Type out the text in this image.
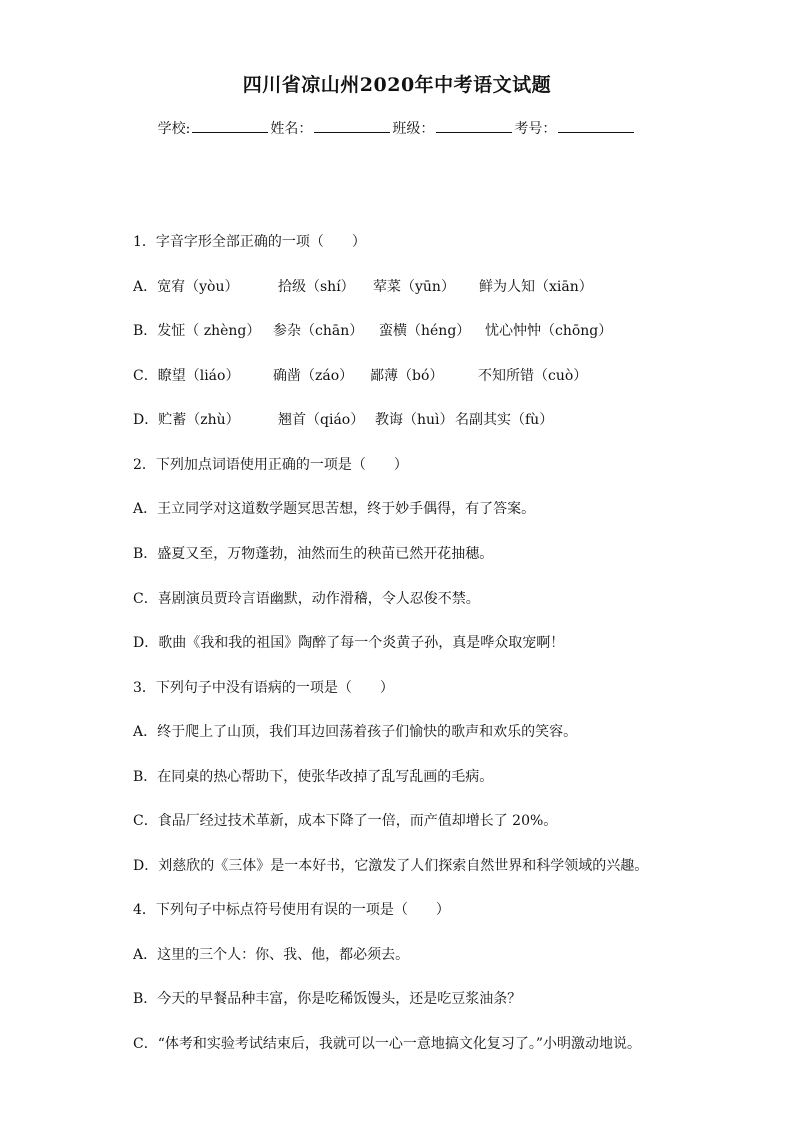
四川省凉山州2020年中考语文试题
学校:	姓名：	班级：	考号：
1．字音字形全部正确的一项（　　）
A．宽宥（yòu）	拾级（shí） 荤菜（yūn） 鲜为人知（xiān）
B．发怔（ zhèng） 参杂（chān） 蛮横（héng） 忧心忡忡（chōng）
C．瞭望（liáo） 确凿（záo） 鄙薄（bó） 不知所错（cuò）
D．贮蓄（zhù）	翘首（qiáo） 教诲（huì）名副其实（fù）
2．下列加点词语使用正确的一项是（　　）
A．王立同学对这道数学题冥思苦想，终于妙手偶得，有了答案。
B．盛夏又至，万物蓬勃，油然而生的秧苗已然开花抽穗。
C．喜剧演员贾玲言语幽默，动作滑稽，令人忍俊不禁。
D．歌曲《我和我的祖国》陶醉了每一个炎黄子孙，真是哗众取宠啊！
3．下列句子中没有语病的一项是（　　）
A．终于爬上了山顶，我们耳边回荡着孩子们愉快的歌声和欢乐的笑容。
B．在同桌的热心帮助下，使张华改掉了乱写乱画的毛病。
C．食品厂经过技术革新，成本下降了一倍，而产值却增长了 20%。
D．刘慈欣的《三体》是一本好书，它激发了人们探索自然世界和科学领域的兴趣。
4．下列句子中标点符号使用有误的一项是（　　）
A．这里的三个人：你、我、他，都必须去。
B．今天的早餐品种丰富，你是吃稀饭馒头，还是吃豆浆油条？
C．“体考和实验考试结束后，我就可以一心一意地搞文化复习了。”小明激动地说。
